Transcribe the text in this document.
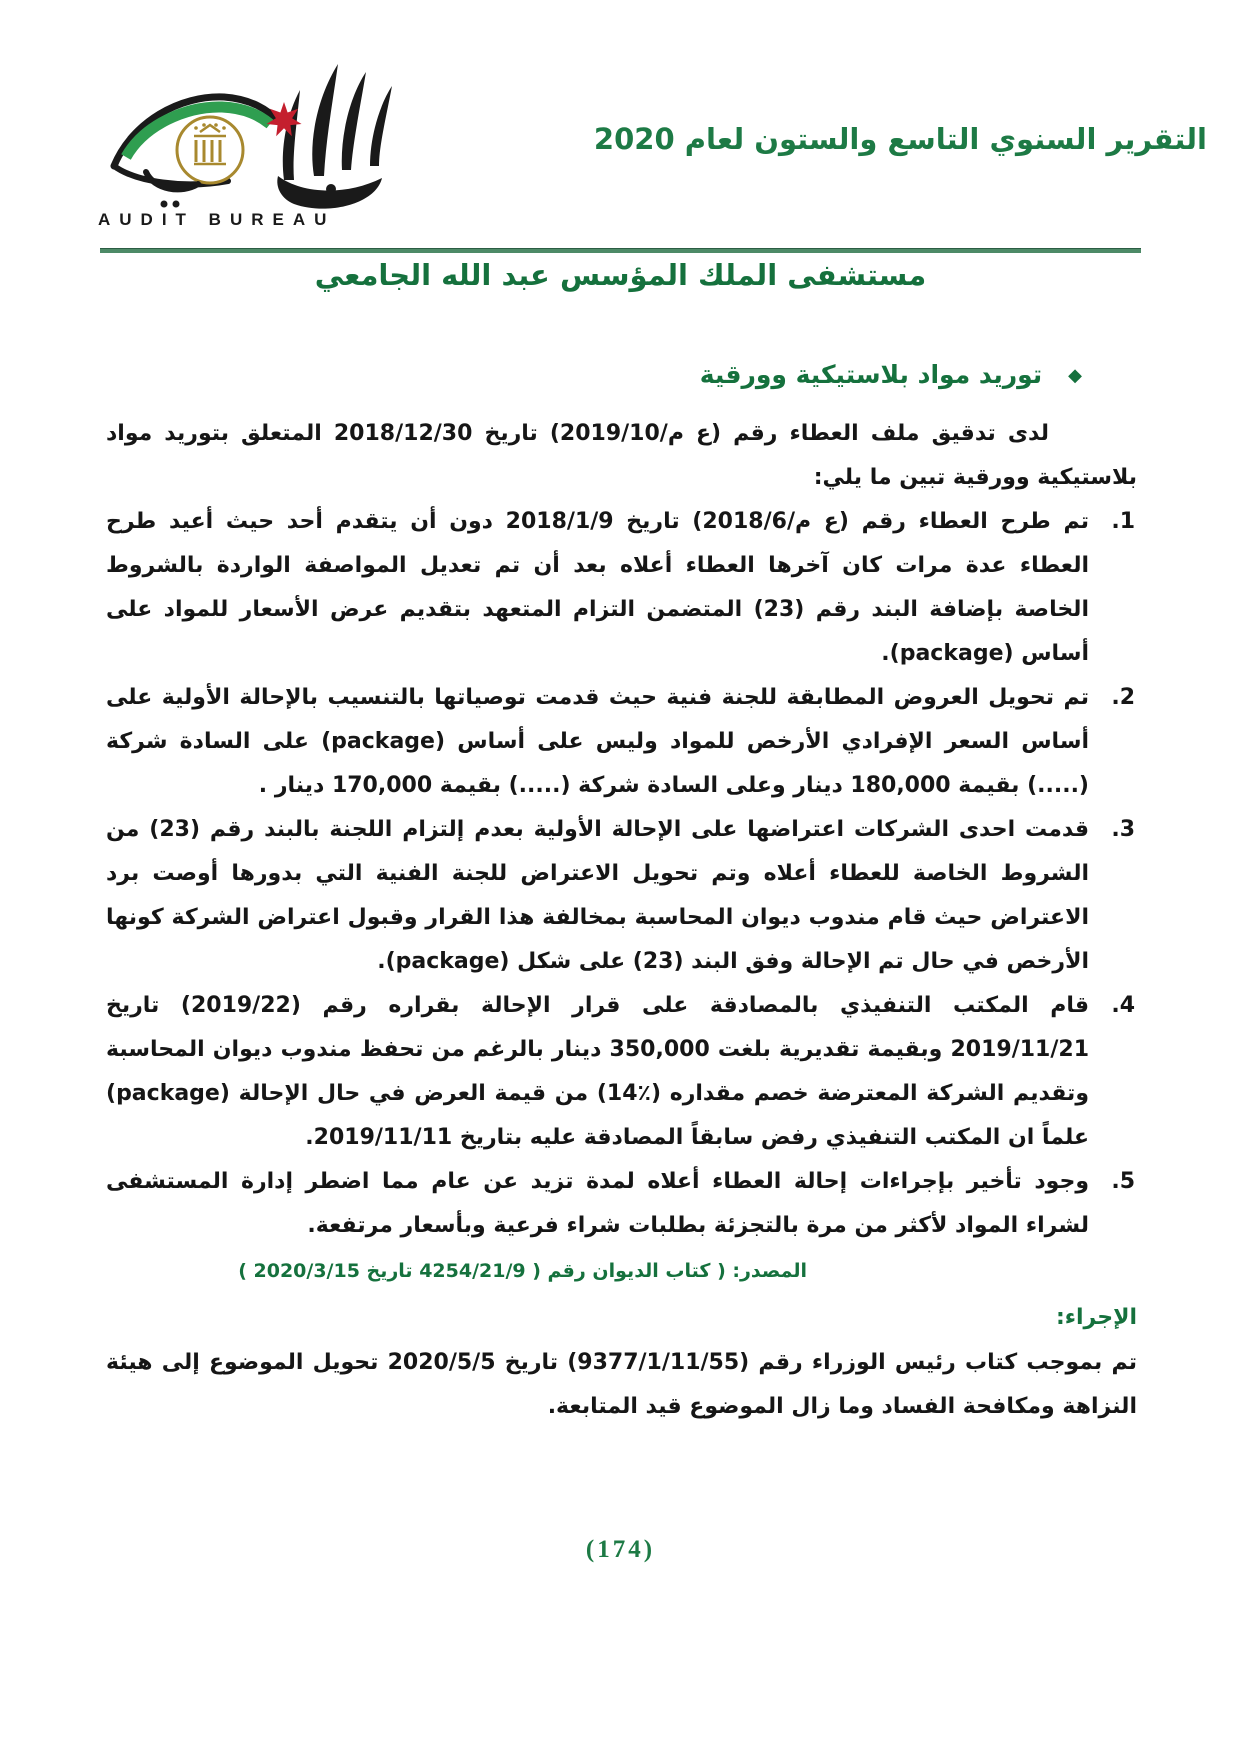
AUDIT BUREAU
التقرير السنوي التاسع والستون لعام 2020
مستشفى الملك المؤسس عبد الله الجامعي
◆
توريد مواد بلاستيكية وورقية

لدى تدقيق ملف العطاء رقم (ع م/2019/10) تاريخ 2018/12/30 المتعلق بتوريد مواد بلاستيكية وورقية تبين ما يلي:

1.
تم طرح العطاء رقم (ع م/2018/6) تاريخ 2018/1/9 دون أن يتقدم أحد حيث أعيد طرح العطاء عدة مرات كان آخرها العطاء أعلاه بعد أن تم تعديل المواصفة الواردة بالشروط الخاصة بإضافة البند رقم (23) المتضمن التزام المتعهد بتقديم عرض الأسعار للمواد على أساس (package).
2.
تم تحويل العروض المطابقة للجنة فنية حيث قدمت توصياتها بالتنسيب بالإحالة الأولية على أساس السعر الإفرادي الأرخص للمواد وليس على أساس (package) على السادة شركة (.....) بقيمة 180,000 دينار وعلى السادة شركة (.....) بقيمة 170,000 دينار .
3.
قدمت احدى الشركات اعتراضها على الإحالة الأولية بعدم إلتزام اللجنة بالبند رقم (23) من الشروط الخاصة للعطاء أعلاه وتم تحويل الاعتراض للجنة الفنية التي بدورها أوصت برد الاعتراض حيث قام مندوب ديوان المحاسبة بمخالفة هذا القرار وقبول اعتراض الشركة كونها الأرخص في حال تم الإحالة وفق البند (23) على شكل (package).
4.
قام المكتب التنفيذي بالمصادقة على قرار الإحالة بقراره رقم (2019/22) تاريخ 2019/11/21 وبقيمة تقديرية بلغت 350,000 دينار بالرغم من تحفظ مندوب ديوان المحاسبة وتقديم الشركة المعترضة خصم مقداره (٪14) من قيمة العرض في حال الإحالة (package) علماً ان المكتب التنفيذي رفض سابقاً المصادقة عليه بتاريخ 2019/11/11.
5.
وجود تأخير بإجراءات إحالة العطاء أعلاه لمدة تزيد عن عام مما اضطر إدارة المستشفى لشراء المواد لأكثر من مرة بالتجزئة بطلبات شراء فرعية وبأسعار مرتفعة.
المصدر: ( كتاب الديوان رقم ( 4254/21/9 تاريخ 2020/3/15 )

الإجراء:

تم بموجب كتاب رئيس الوزراء رقم (9377/1/11/55) تاريخ 2020/5/5 تحويل الموضوع إلى هيئة النزاهة ومكافحة الفساد وما زال الموضوع قيد المتابعة.

(174)
